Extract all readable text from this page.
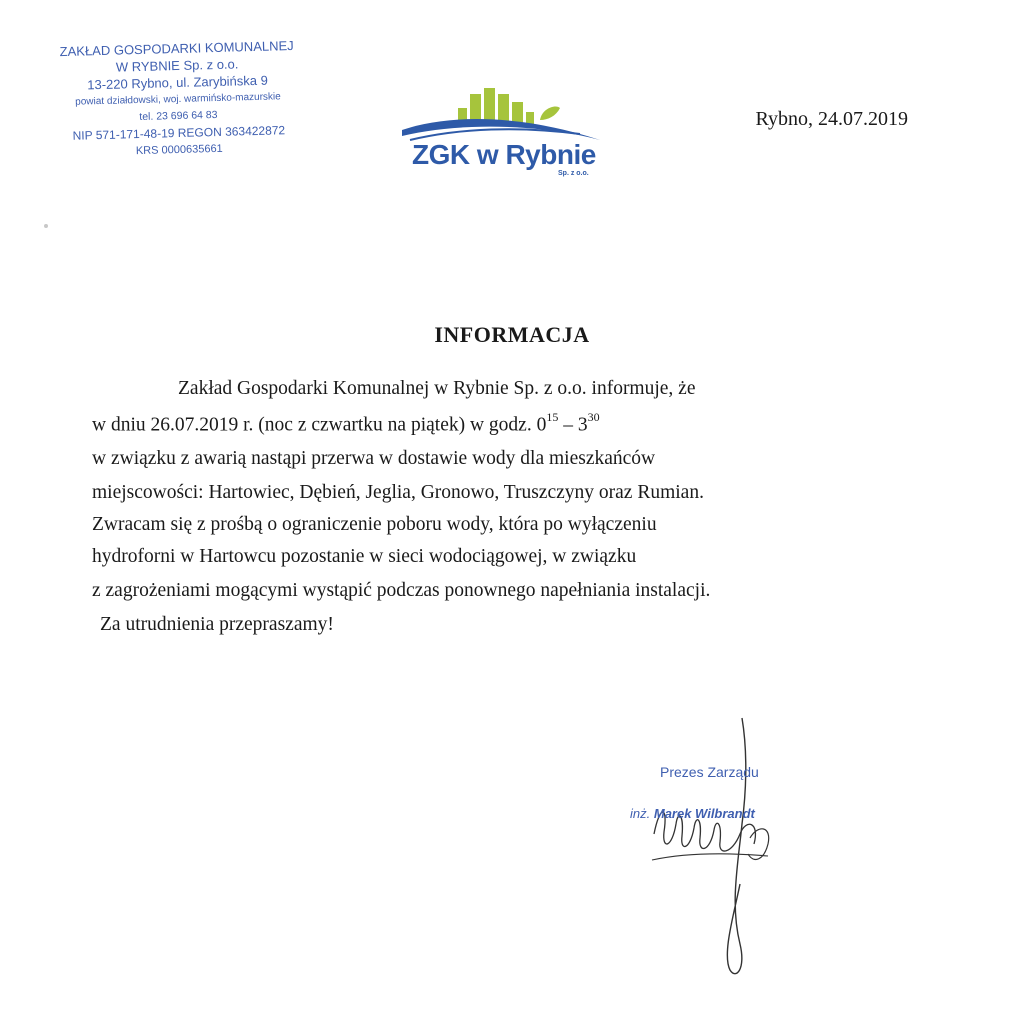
ZAKŁAD GOSPODARKI KOMUNALNEJ
W RYBNIE Sp. z o.o.
13-220 Rybno, ul. Zarybińska 9
powiat działdowski, woj. warmińsko-mazurskie
tel. 23 696 64 83
NIP 571-171-48-19 REGON 363422872
KRS 0000635661	ZGK w Rybnie
Sp. z o.o.
Rybno, 24.07.2019
INFORMACJA
Zakład Gospodarki Komunalnej w Rybnie Sp. z o.o. informuje, że
w dniu 26.07.2019 r. (noc z czwartku na piątek) w godz. $0^{15} - 3^{30}$
w związku z awarią nastąpi przerwa w dostawie wody dla mieszkańców
miejscowości: Hartowiec, Dębień, Jeglia, Gronowo, Truszczyny oraz Rumian.
Zwracam się z prośbą o ograniczenie poboru wody, która po wyłączeniu
hydroforni w Hartowcu pozostanie w sieci wodociągowej, w związku
z zagrożeniami mogącymi wystąpić podczas ponownego napełniania instalacji.
Za utrudnienia przepraszamy!
Prezes Zarządu
inż. Marek Wilbrandt
